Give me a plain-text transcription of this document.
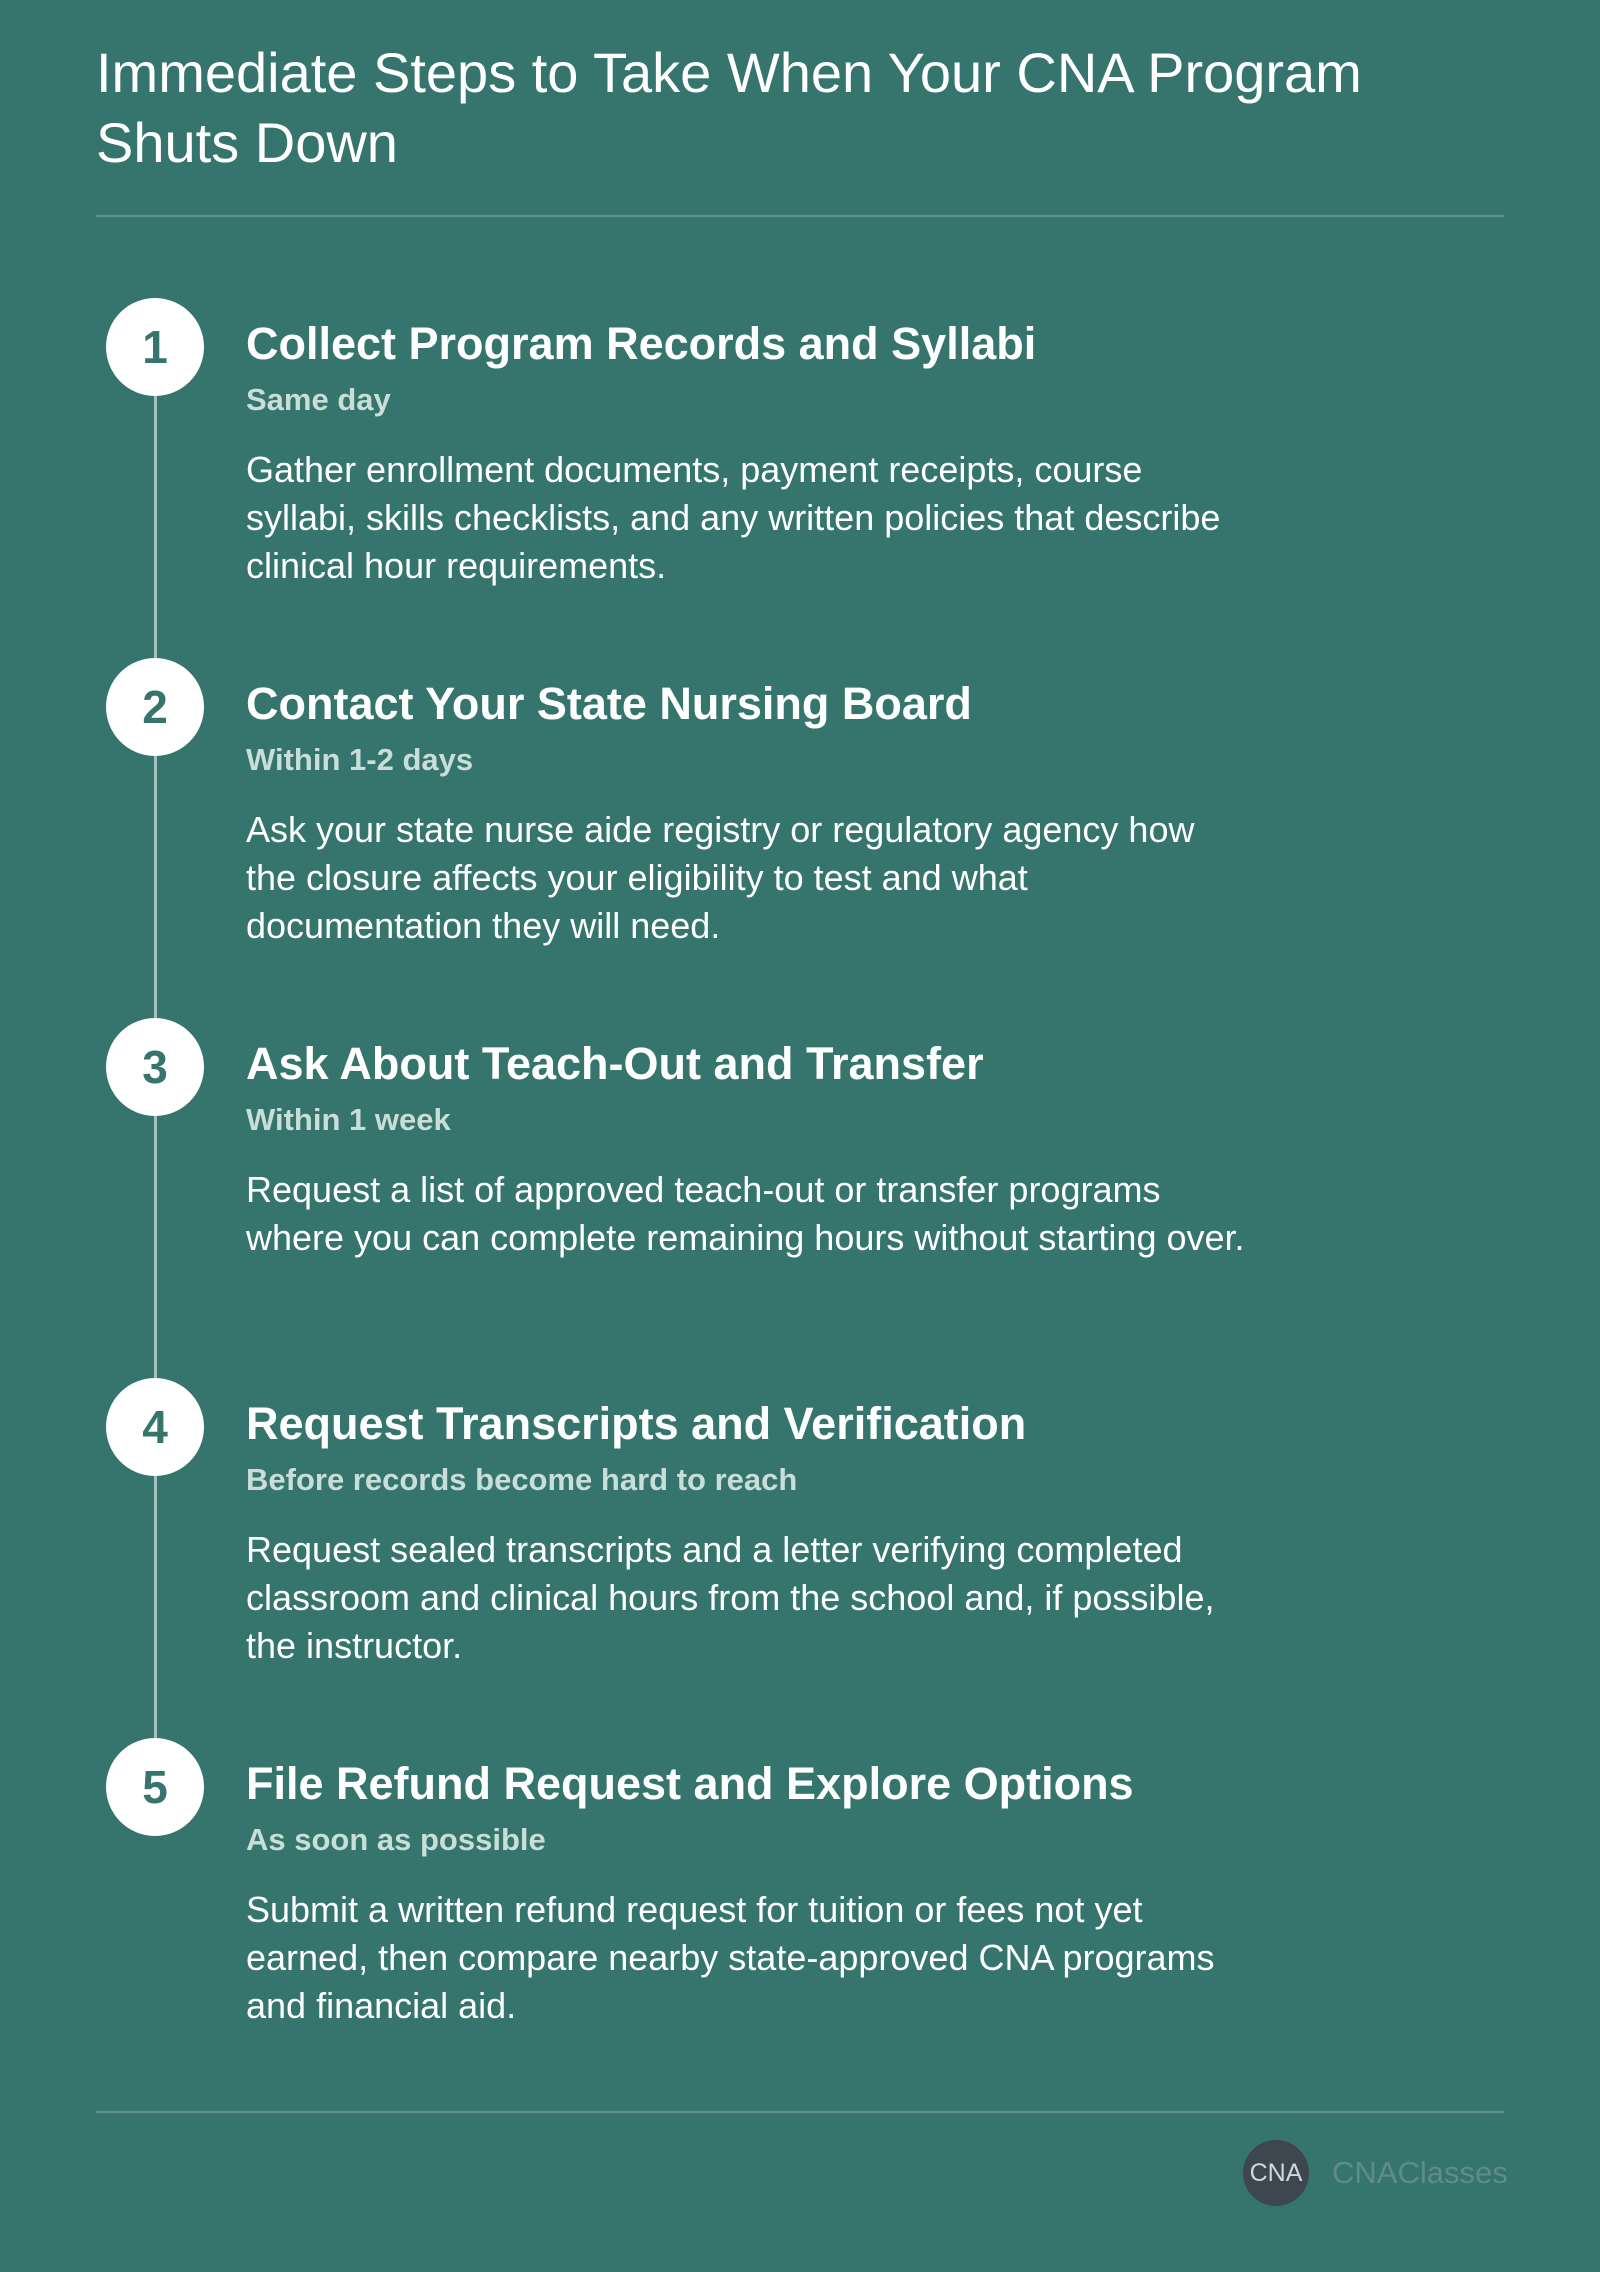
Immediate Steps to Take When Your CNA Program Shuts Down
1	Collect Program Records and Syllabi
Same day

Gather enrollment documents, payment receipts, course syllabi, skills checklists, and any written policies that describe clinical hour requirements.

2	Contact Your State Nursing Board
Within 1-2 days

Ask your state nurse aide registry or regulatory agency how the closure affects your eligibility to test and what documentation they will need.

3	Ask About Teach-Out and Transfer
Within 1 week

Request a list of approved teach-out or transfer programs where you can complete remaining hours without starting over.

4	Request Transcripts and Verification
Before records become hard to reach

Request sealed transcripts and a letter verifying completed classroom and clinical hours from the school and, if possible, the instructor.

5	File Refund Request and Explore Options
As soon as possible

Submit a written refund request for tuition or fees not yet earned, then compare nearby state-approved CNA programs and financial aid.

CNA CNAClasses
